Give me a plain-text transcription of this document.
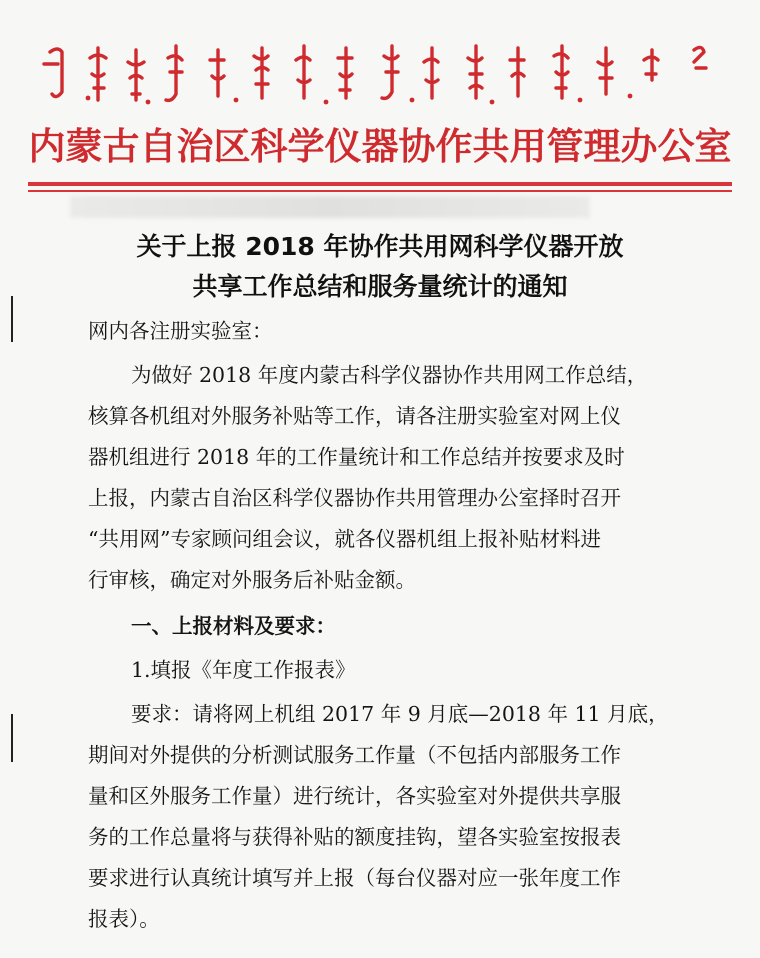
内蒙古自治区科学仪器协作共用管理办公室
关于上报 2018 年协作共用网科学仪器开放
共享工作总结和服务量统计的通知
网内各注册实验室：
为做好 2018 年度内蒙古科学仪器协作共用网工作总结，
核算各机组对外服务补贴等工作，请各注册实验室对网上仪
器机组进行 2018 年的工作量统计和工作总结并按要求及时
上报，内蒙古自治区科学仪器协作共用管理办公室择时召开
“共用网”专家顾问组会议，就各仪器机组上报补贴材料进
行审核，确定对外服务后补贴金额。
一、上报材料及要求：
1.填报《年度工作报表》
要求：请将网上机组 2017 年 9 月底—2018 年 11 月底，
期间对外提供的分析测试服务工作量（不包括内部服务工作
量和区外服务工作量）进行统计，各实验室对外提供共享服
务的工作总量将与获得补贴的额度挂钩，望各实验室按报表
要求进行认真统计填写并上报（每台仪器对应一张年度工作
报表）。
